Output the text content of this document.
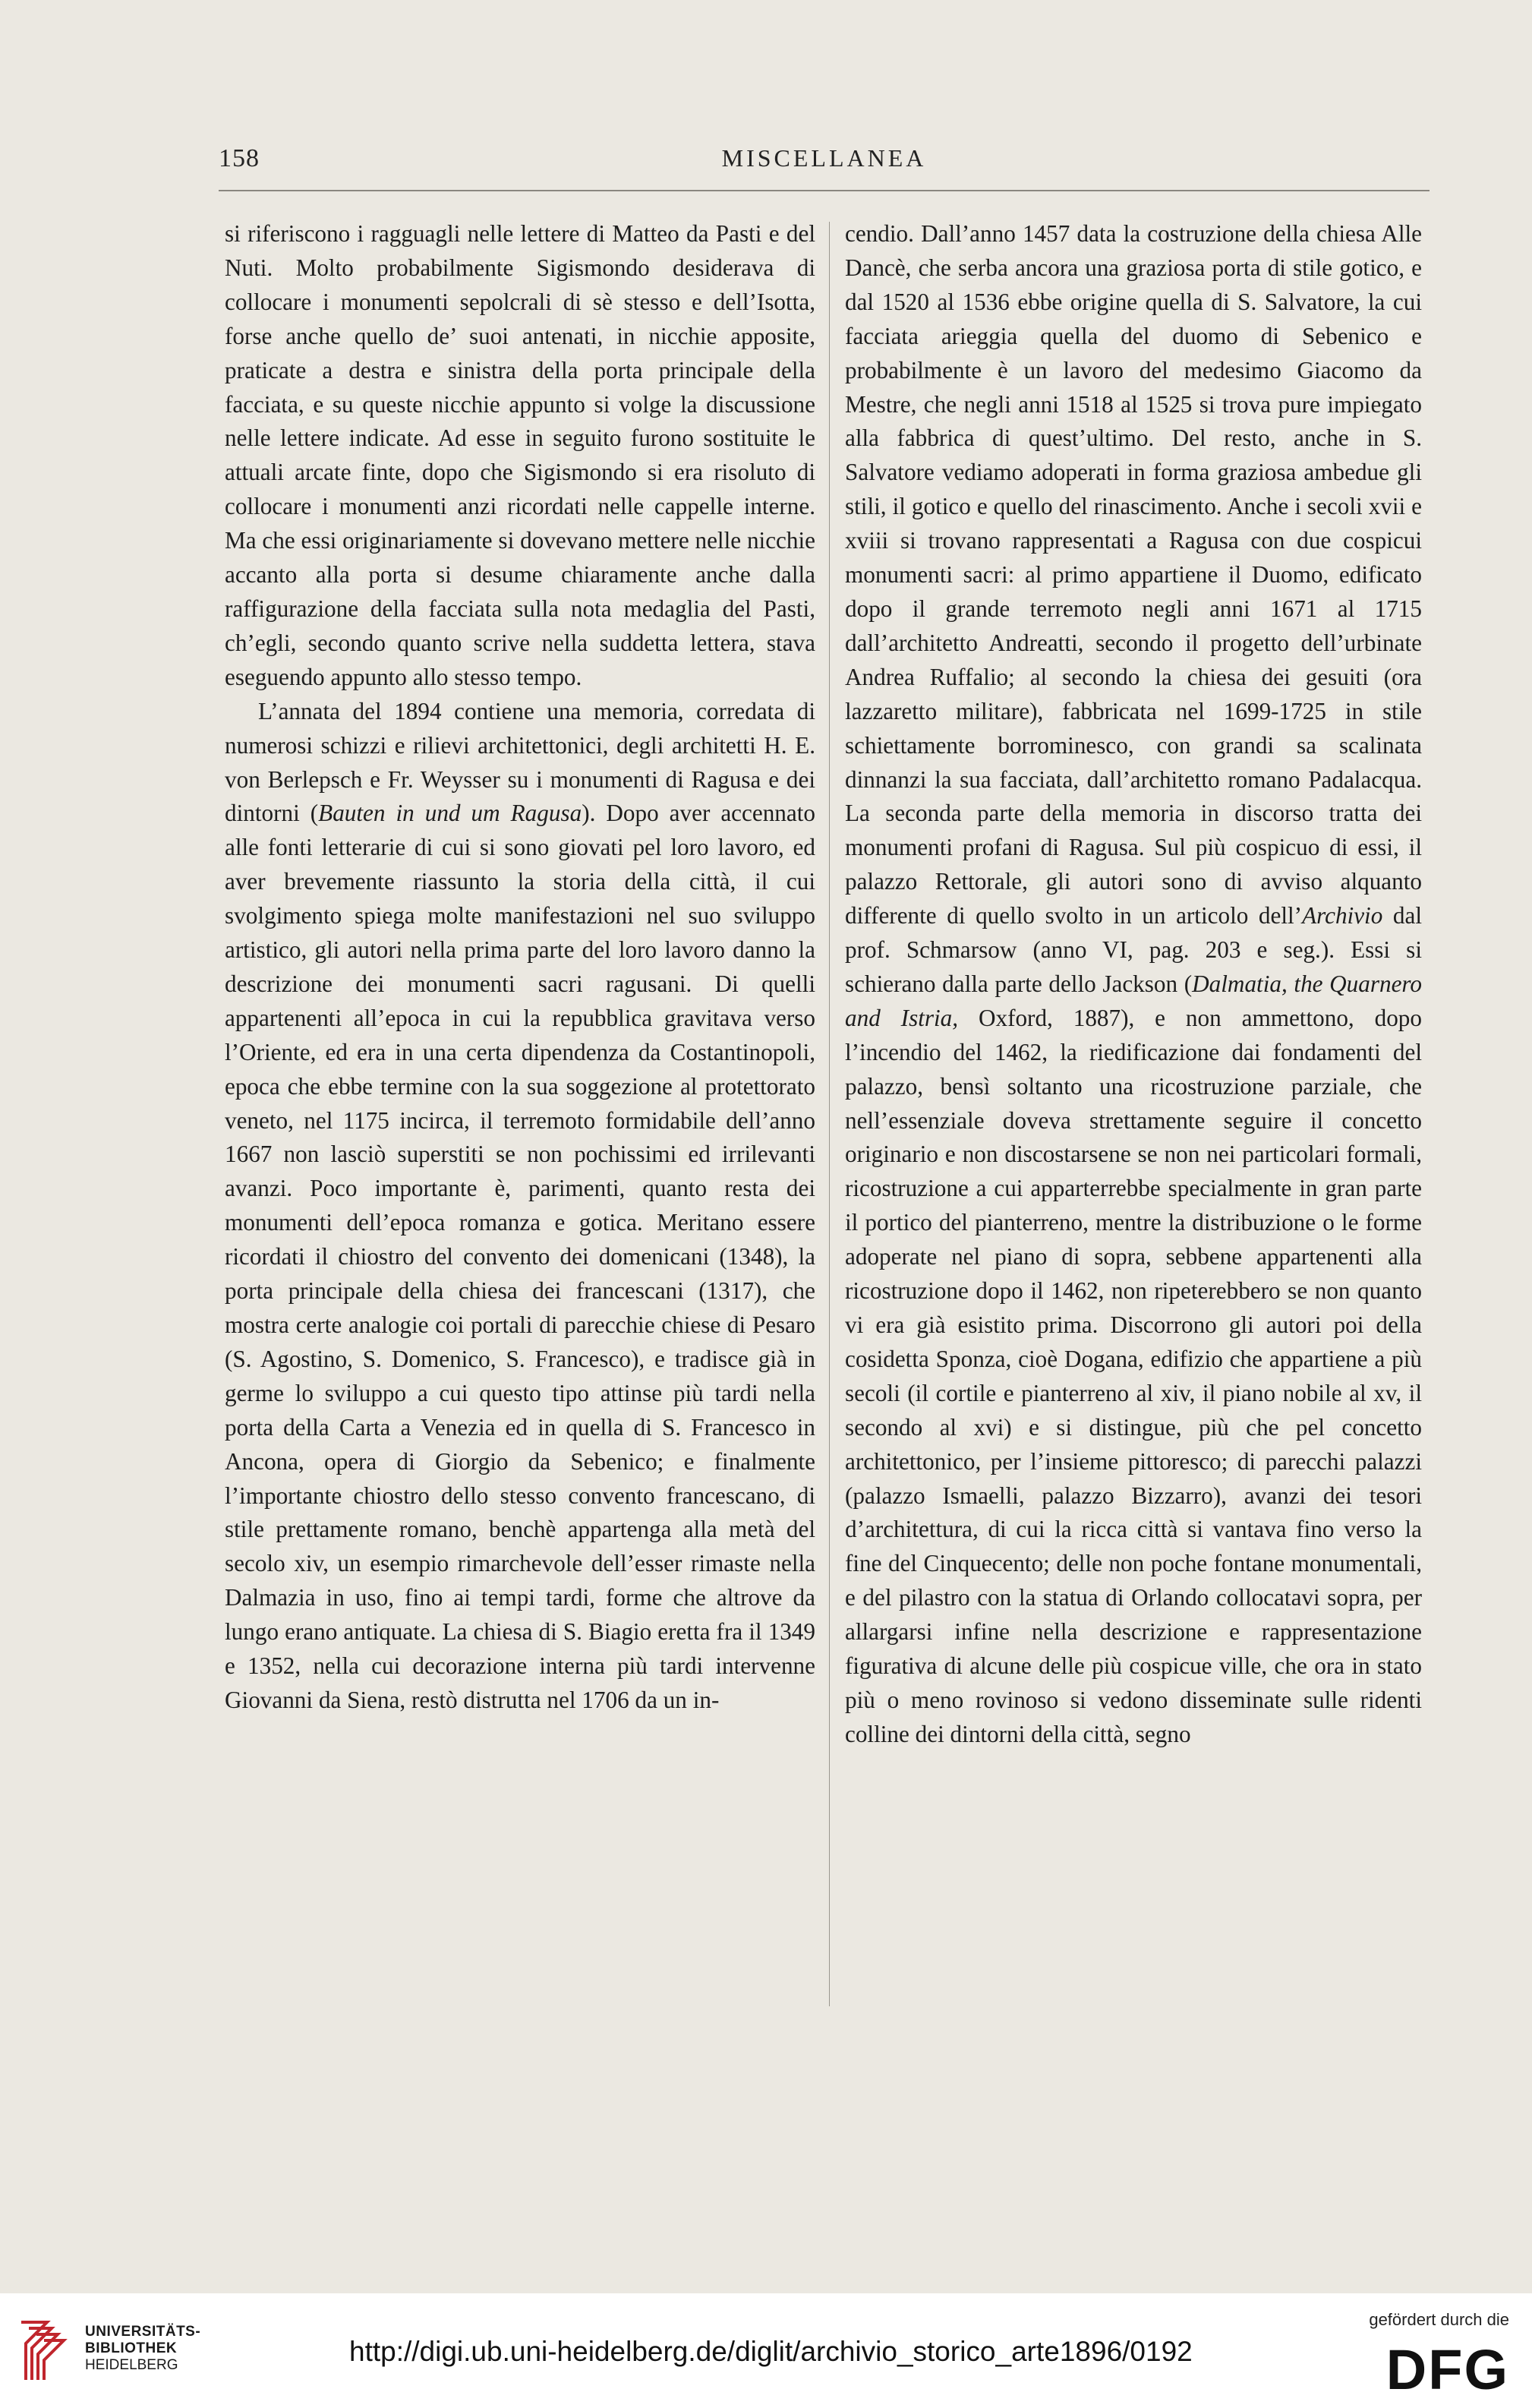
158	MISCELLANEA

si riferiscono i ragguagli nelle lettere di Matteo da Pasti e del Nuti. Molto probabilmente Sigismondo desiderava di collocare i monumenti sepolcrali di sè stesso e dell’Isotta, forse anche quello de’ suoi antenati, in nicchie apposite, praticate a destra e sinistra della porta principale della facciata, e su queste nicchie appunto si volge la discussione nelle lettere indicate. Ad esse in seguito furono sostituite le attuali arcate finte, dopo che Sigismondo si era risoluto di collocare i monumenti anzi ricordati nelle cappelle interne. Ma che essi originariamente si dovevano mettere nelle nicchie accanto alla porta si desume chiaramente anche dalla raffigurazione della facciata sulla nota medaglia del Pasti, ch’egli, secondo quanto scrive nella suddetta lettera, stava eseguendo appunto allo stesso tempo.

L’annata del 1894 contiene una memoria, corredata di numerosi schizzi e rilievi architettonici, degli architetti H. E. von Berlepsch e Fr. Weysser su i monumenti di Ragusa e dei dintorni (Bauten in und um Ragusa). Dopo aver accennato alle fonti letterarie di cui si sono giovati pel loro lavoro, ed aver brevemente riassunto la storia della città, il cui svolgimento spiega molte manifestazioni nel suo sviluppo artistico, gli autori nella prima parte del loro lavoro danno la descrizione dei monumenti sacri ragusani. Di quelli appartenenti all’epoca in cui la repubblica gravitava verso l’Oriente, ed era in una certa dipendenza da Costantinopoli, epoca che ebbe termine con la sua soggezione al protettorato veneto, nel 1175 incirca, il terremoto formidabile dell’anno 1667 non lasciò superstiti se non pochissimi ed irrilevanti avanzi. Poco importante è, parimenti, quanto resta dei monumenti dell’epoca romanza e gotica. Meritano essere ricordati il chiostro del convento dei domenicani (1348), la porta principale della chiesa dei francescani (1317), che mostra certe analogie coi portali di parecchie chiese di Pesaro (S. Agostino, S. Domenico, S. Francesco), e tradisce già in germe lo sviluppo a cui questo tipo attinse più tardi nella porta della Carta a Venezia ed in quella di S. Francesco in Ancona, opera di Giorgio da Sebenico; e finalmente l’importante chiostro dello stesso convento francescano, di stile prettamente romano, benchè appartenga alla metà del secolo xiv, un esempio rimarchevole dell’esser rimaste nella Dalmazia in uso, fino ai tempi tardi, forme che altrove da lungo erano antiquate. La chiesa di S. Biagio eretta fra il 1349 e 1352, nella cui decorazione interna più tardi intervenne Giovanni da Siena, restò distrutta nel 1706 da un in-

cendio. Dall’anno 1457 data la costruzione della chiesa Alle Dancè, che serba ancora una graziosa porta di stile gotico, e dal 1520 al 1536 ebbe origine quella di S. Salvatore, la cui facciata arieggia quella del duomo di Sebenico e probabilmente è un lavoro del medesimo Giacomo da Mestre, che negli anni 1518 al 1525 si trova pure impiegato alla fabbrica di quest’ultimo. Del resto, anche in S. Salvatore vediamo adoperati in forma graziosa ambedue gli stili, il gotico e quello del rinascimento. Anche i secoli xvii e xviii si trovano rappresentati a Ragusa con due cospicui monumenti sacri: al primo appartiene il Duomo, edificato dopo il grande terremoto negli anni 1671 al 1715 dall’architetto Andreatti, secondo il progetto dell’urbinate Andrea Ruffalio; al secondo la chiesa dei gesuiti (ora lazzaretto militare), fabbricata nel 1699-1725 in stile schiettamente borrominesco, con grandi sa scalinata dinnanzi la sua facciata, dall’architetto romano Padalacqua. La seconda parte della memoria in discorso tratta dei monumenti profani di Ragusa. Sul più cospicuo di essi, il palazzo Rettorale, gli autori sono di avviso alquanto differente di quello svolto in un articolo dell’Archivio dal prof. Schmarsow (anno VI, pag. 203 e seg.). Essi si schierano dalla parte dello Jackson (Dalmatia, the Quarnero and Istria, Oxford, 1887), e non ammettono, dopo l’incendio del 1462, la riedificazione dai fondamenti del palazzo, bensì soltanto una ricostruzione parziale, che nell’essenziale doveva strettamente seguire il concetto originario e non discostarsene se non nei particolari formali, ricostruzione a cui apparterrebbe specialmente in gran parte il portico del pianterreno, mentre la distribuzione o le forme adoperate nel piano di sopra, sebbene appartenenti alla ricostruzione dopo il 1462, non ripeterebbero se non quanto vi era già esistito prima. Discorrono gli autori poi della cosidetta Sponza, cioè Dogana, edifizio che appartiene a più secoli (il cortile e pianterreno al xiv, il piano nobile al xv, il secondo al xvi) e si distingue, più che pel concetto architettonico, per l’insieme pittoresco; di parecchi palazzi (palazzo Ismaelli, palazzo Bizzarro), avanzi dei tesori d’architettura, di cui la ricca città si vantava fino verso la fine del Cinquecento; delle non poche fontane monumentali, e del pilastro con la statua di Orlando collocatavi sopra, per allargarsi infine nella descrizione e rappresentazione figurativa di alcune delle più cospicue ville, che ora in stato più o meno rovinoso si vedono disseminate sulle ridenti colline dei dintorni della città, segno

UNIVERSITÄTS-
BIBLIOTHEK
HEIDELBERG	http://digi.ub.uni-heidelberg.de/diglit/archivio_storico_arte1896/0192
gefördert durch die
DFG
